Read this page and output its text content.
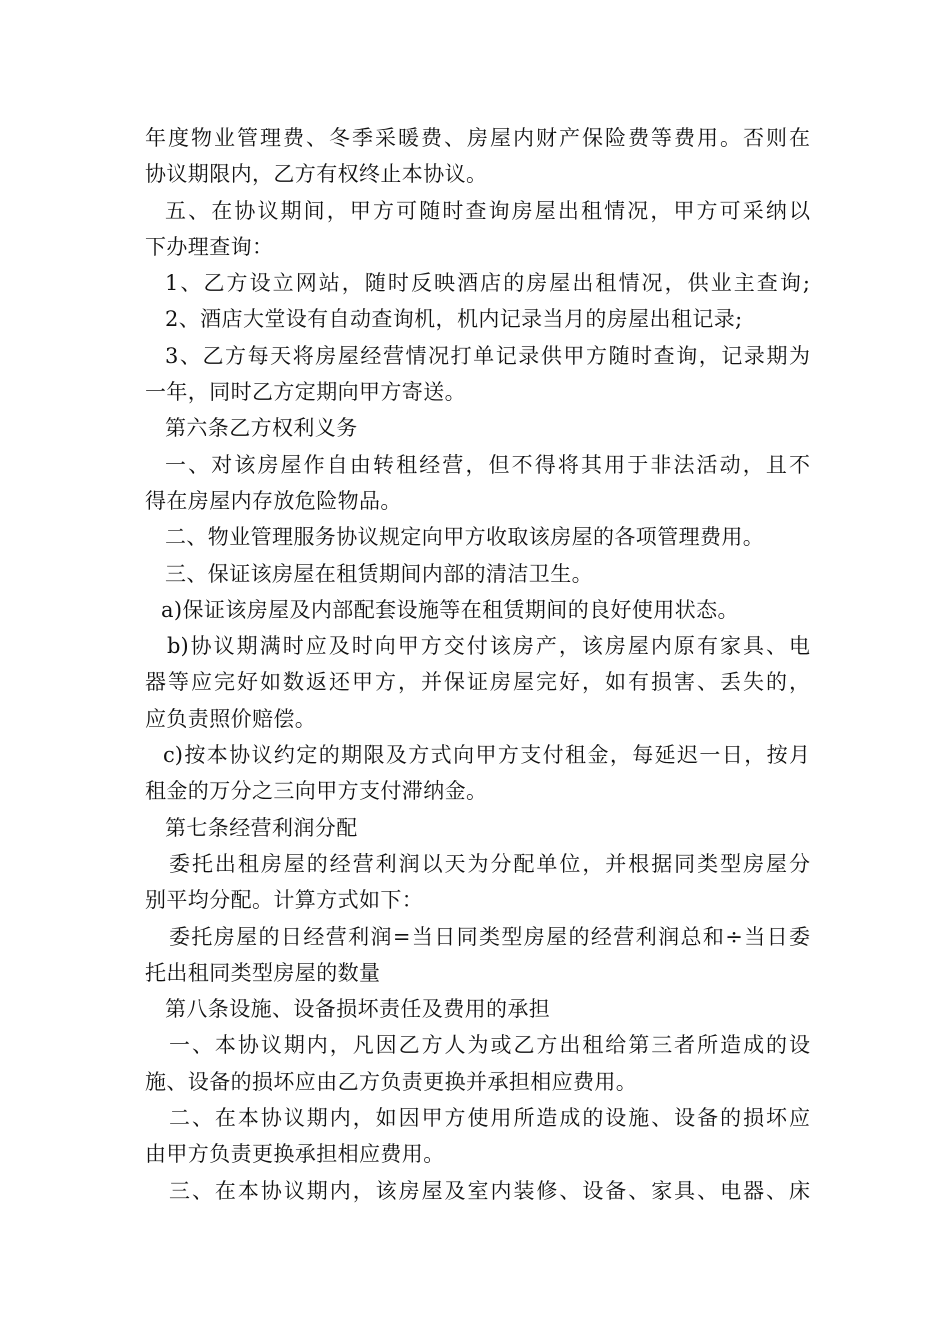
年度物业管理费、冬季采暖费、房屋内财产保险费等费用。否则在
协议期限内，乙方有权终止本协议。
五、在协议期间，甲方可随时查询房屋出租情况，甲方可采纳以
下办理查询：
1、乙方设立网站，随时反映酒店的房屋出租情况，供业主查询;
2、酒店大堂设有自动查询机，机内记录当月的房屋出租记录;
3、乙方每天将房屋经营情况打单记录供甲方随时查询，记录期为
一年，同时乙方定期向甲方寄送。
第六条乙方权利义务
一、对该房屋作自由转租经营，但不得将其用于非法活动，且不
得在房屋内存放危险物品。
二、物业管理服务协议规定向甲方收取该房屋的各项管理费用。
三、保证该房屋在租赁期间内部的清洁卫生。
a)保证该房屋及内部配套设施等在租赁期间的良好使用状态。
b)协议期满时应及时向甲方交付该房产，该房屋内原有家具、电
器等应完好如数返还甲方，并保证房屋完好，如有损害、丢失的，
应负责照价赔偿。
c)按本协议约定的期限及方式向甲方支付租金，每延迟一日，按月
租金的万分之三向甲方支付滞纳金。
第七条经营利润分配
委托出租房屋的经营利润以天为分配单位，并根据同类型房屋分
别平均分配。计算方式如下：
委托房屋的日经营利润=当日同类型房屋的经营利润总和÷当日委
托出租同类型房屋的数量
第八条设施、设备损坏责任及费用的承担
一、本协议期内，凡因乙方人为或乙方出租给第三者所造成的设
施、设备的损坏应由乙方负责更换并承担相应费用。
二、在本协议期内，如因甲方使用所造成的设施、设备的损坏应
由甲方负责更换承担相应费用。
三、在本协议期内，该房屋及室内装修、设备、家具、电器、床
